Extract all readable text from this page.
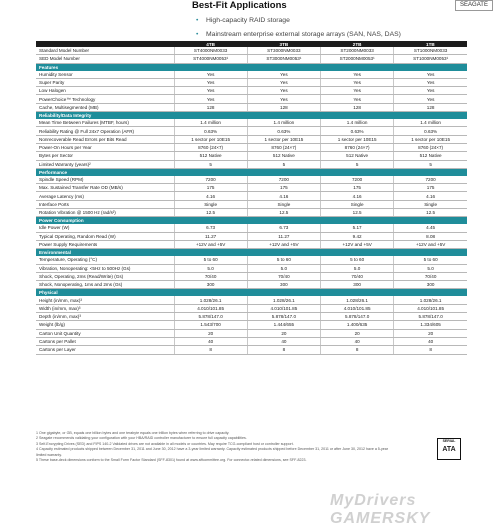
SEAGATE
Best-Fit Applications
• High-capacity RAID storage
• Mainstream enterprise external storage arrays (SAN, NAS, DAS)
	4TB	3TB	2TB	1TB
Standard Model Number	ST4000NM0033	ST3000NM0033	ST2000NM0033	ST1000NM0033
SED Model Number	ST4000NM0053¹	ST3000NM0053¹	ST2000NM0053¹	ST1000NM0053¹
Features				
Humidity Sensor	Yes	Yes	Yes	Yes
Super Parity	Yes	Yes	Yes	Yes
Low Halogen	Yes	Yes	Yes	Yes
PowerChoice™ Technology	Yes	Yes	Yes	Yes
Cache, Multisegmented (MB)	128	128	128	128
Reliability/Data Integrity				
Mean Time Between Failures (MTBF, hours)	1.4 million	1.4 million	1.4 million	1.4 million
Reliability Rating @ Full 24x7 Operation (AFR)	0.63%	0.63%	0.63%	0.63%
Nonrecoverable Read Errors per Bits Read	1 sector per 10E15	1 sector per 10E15	1 sector per 10E15	1 sector per 10E15
Power-On Hours per Year	8760 (24×7)	8760 (24×7)	8760 (24×7)	8760 (24×7)
Bytes per Sector	512 Native	512 Native	512 Native	512 Native
Limited Warranty (years)²	5	5	5	5
Performance				
Spindle Speed (RPM)	7200	7200	7200	7200
Max. Sustained Transfer Rate OD (MB/s)	175	175	175	175
Average Latency (ms)	4.16	4.16	4.16	4.16
Interface Ports	Single	Single	Single	Single
Rotation Vibration @ 1500 Hz (rad/s²)	12.5	12.5	12.5	12.5
Power Consumption				
Idle Power (W)	6.73	6.73	5.17	4.45
Typical Operating, Random Read (W)	11.27	11.27	9.42	8.08
Power Supply Requirements	+12V and +5V	+12V and +5V	+12V and +5V	+12V and +5V
Environmental				
Temperature, Operating (°C)	5 to 60	5 to 60	5 to 60	5 to 60
Vibration, Nonoperating: <5Hz to 500Hz (Gs)	5.0	5.0	5.0	5.0
Shock, Operating, 2ms (Read/Write) (Gs)	70/40	70/40	70/40	70/40
Shock, Nonoperating, 1ms and 2ms (Gs)	300	300	300	300
Physical				
Height (in/mm, max)³	1.028/26.1	1.028/26.1	1.028/26.1	1.028/26.1
Width (in/mm, max)³	4.010/101.85	4.010/101.85	4.010/101.85	4.010/101.85
Depth (in/mm, max)³	5.878/147.0	5.878/147.0	5.878/147.0	5.878/147.0
Weight (lb/g)	1.543/700	1.444/655	1.400/635	1.334/605
Carton Unit Quantity	20	20	20	20
Cartons per Pallet	40	40	40	40
Cartons per Layer	8	8	8	8
1 One gigabyte, or GB, equals one billion bytes and one terabyte equals one trillion bytes when referring to drive capacity.
2 Seagate recommends validating your configuration with your HBA/RAID controller manufacturer to ensure full capacity capabilities.
3 Self-Encrypting Drives (SED) and FIPS 140-2 Validated drives are not available in all models or countries. May require TCG-compliant host or controller support.
4 Capacity estimated products shipped between December 31, 2011 and June 30, 2012 have a 3-year limited warranty. Capacity estimated products shipped before December 31, 2011 or after June 30, 2012 have a 5-year limited warranty.
5 These base-deck dimensions conform to the Small Form Factor Standard (SFF-8301) found at www.sffcommittee.org. For connector-related dimensions, see SFF-8223.
SERIAL
ATA
MyDrivers GAMERSKY
